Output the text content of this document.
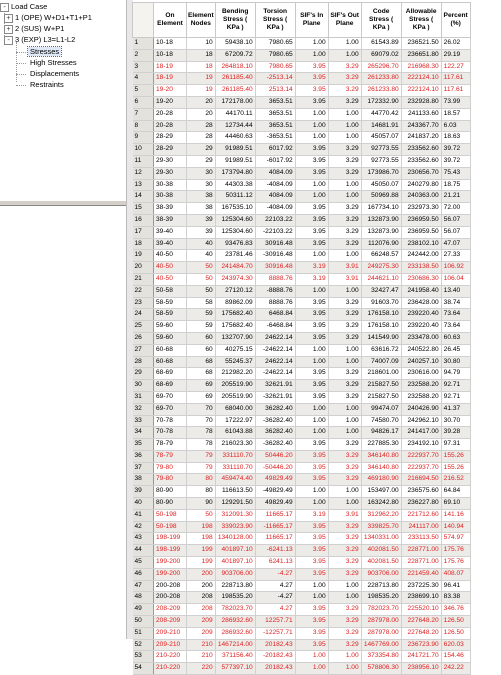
- Load Case
+ 1 (OPE) W+D1+T1+P1
+ 2 (SUS) W+P1
- 3 (EXP) L3=L1-L2
Stresses
High Stresses
Displacements
Restraints
	On Element	Element Nodes	Bending Stress ( KPa )	Torsion Stress ( KPa )	SIF's In Plane	SIF's Out Plane	Code Stress ( KPa )	Allowable Stress ( KPa )	Percent (%)
1	10-18	10	59438.10	7980.65	1.00	1.00	61543.89	236521.50	26.02
2	10-18	18	67209.72	7980.65	1.00	1.00	69079.02	236651.80	29.19
3	18-19	18	264818.10	7980.65	3.95	3.29	265296.70	216968.30	122.27
4	18-19	19	261185.40	-2513.14	3.95	3.29	261233.80	222124.10	117.61
5	19-20	19	261185.40	2513.14	3.95	3.29	261233.80	222124.10	117.61
6	19-20	20	172178.00	3653.51	3.95	3.29	172332.90	232928.80	73.99
7	20-28	20	44170.11	3653.51	1.00	1.00	44770.42	241133.60	18.57
8	20-28	28	12734.44	3653.51	1.00	1.00	14681.91	243367.70	6.03
9	28-29	28	44460.63	-3653.51	1.00	1.00	45057.07	241837.20	18.63
10	28-29	29	91989.51	6017.92	3.95	3.29	92773.55	233562.60	39.72
11	29-30	29	91989.51	-6017.92	3.95	3.29	92773.55	233562.60	39.72
12	29-30	30	173794.80	4084.09	3.95	3.29	173986.70	230656.70	75.43
13	30-38	30	44303.38	-4084.09	1.00	1.00	45050.07	240279.80	18.75
14	30-38	38	50311.12	4084.09	1.00	1.00	50969.88	240363.00	21.21
15	38-39	38	167535.10	-4084.09	3.95	3.29	167734.10	232973.30	72.00
16	38-39	39	125304.60	22103.22	3.95	3.29	132873.90	236959.50	56.07
17	39-40	39	125304.60	-22103.22	3.95	3.29	132873.90	236959.50	56.07
18	39-40	40	93476.83	30916.48	3.95	3.29	112076.90	238102.10	47.07
19	40-50	40	23781.46	-30916.48	1.00	1.00	66248.57	242442.00	27.33
20	40-50	50	241484.70	30916.48	3.19	3.91	249275.30	233138.50	106.92
21	40-50	50	243974.30	8888.76	3.19	3.91	244621.10	230686.30	106.04
22	50-58	50	27120.12	-8888.76	1.00	1.00	32427.47	241958.40	13.40
23	58-59	58	89862.09	8888.76	3.95	3.29	91603.70	236428.00	38.74
24	58-59	59	175682.40	6468.84	3.95	3.29	176158.10	239220.40	73.64
25	59-60	59	175682.40	-6468.84	3.95	3.29	176158.10	239220.40	73.64
26	59-60	60	132707.90	24622.14	3.95	3.29	141549.90	233478.00	60.63
27	60-68	60	40275.15	-24622.14	1.00	1.00	63616.72	240522.80	26.45
28	60-68	68	55245.37	24622.14	1.00	1.00	74007.09	240257.10	30.80
29	68-69	68	212982.20	-24622.14	3.95	3.29	218601.00	230616.00	94.79
30	68-69	69	205519.90	32621.91	3.95	3.29	215827.50	232588.20	92.71
31	69-70	69	205519.90	-32621.91	3.95	3.29	215827.50	232588.20	92.71
32	69-70	70	68040.00	36282.40	1.00	1.00	99474.07	240426.90	41.37
33	70-78	70	17222.97	-36282.40	1.00	1.00	74580.70	242962.10	30.70
34	70-78	78	61043.88	36282.40	1.00	1.00	94826.17	241417.00	39.28
35	78-79	78	216023.30	-36282.40	3.95	3.29	227885.30	234192.10	97.31
36	78-79	79	331110.70	50446.20	3.95	3.29	346140.80	222937.70	155.26
37	79-80	79	331110.70	-50446.20	3.95	3.29	346140.80	222937.70	155.26
38	79-80	80	459474.40	49829.49	3.95	3.29	469180.90	216694.50	216.52
39	80-90	80	116613.50	-49829.49	1.00	1.00	153497.00	236575.60	64.84
40	80-90	90	129291.50	49829.49	1.00	1.00	163242.80	236227.80	69.10
41	50-198	50	312091.30	11665.17	3.19	3.91	312962.20	221712.60	141.16
42	50-198	198	339023.90	-11665.17	3.95	3.29	339825.70	241117.00	140.94
43	198-199	198	1340128.00	11665.17	3.95	3.29	1340331.00	233113.50	574.97
44	198-199	199	401897.10	-6241.13	3.95	3.29	402081.50	228771.00	175.76
45	199-200	199	401897.10	6241.13	3.95	3.29	402081.50	228771.00	175.76
46	199-200	200	903706.00	-4.27	3.95	3.29	903706.00	221459.40	408.07
47	200-208	200	228713.80	4.27	1.00	1.00	228713.80	237225.30	96.41
48	200-208	208	198535.20	-4.27	1.00	1.00	198535.20	238699.10	83.38
49	208-209	208	782023.70	4.27	3.95	3.29	782023.70	225520.10	346.76
50	208-209	209	286932.60	12257.71	3.95	3.29	287978.00	227648.20	126.50
51	209-210	209	286932.60	-12257.71	3.95	3.29	287978.00	227648.20	126.50
52	209-210	210	1467214.00	20182.43	3.95	3.29	1467769.00	236723.90	620.03
53	210-220	210	371156.40	-20182.43	1.00	1.00	373354.80	241721.70	154.46
54	210-220	220	577397.10	20182.43	1.00	1.00	578806.30	238956.10	242.22
